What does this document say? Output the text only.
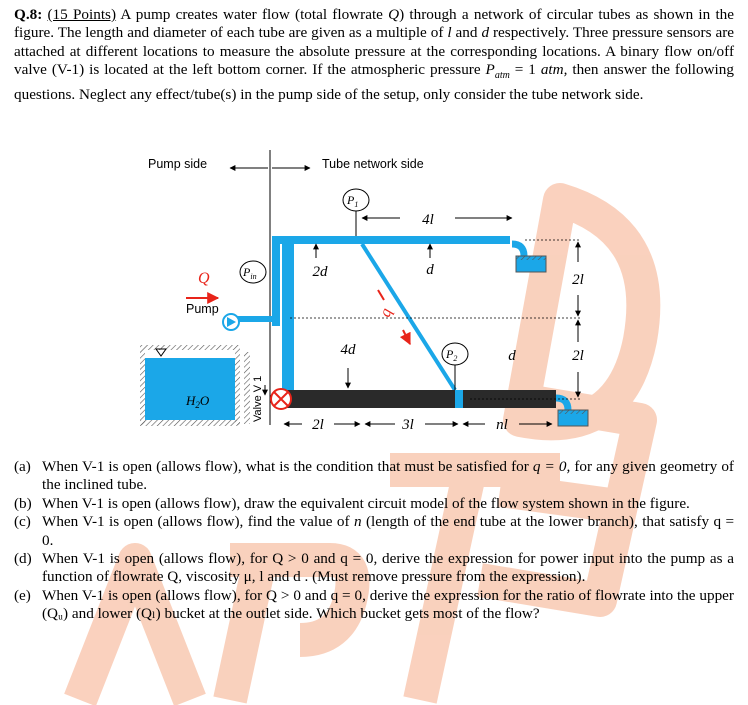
Q.8: (15 Points) A pump creates water flow (total flowrate Q) through a network of circular tubes as shown in the figure. The length and diameter of each tube are given as a multiple of l and d respectively. Three pressure sensors are attached at different locations to measure the absolute pressure at the corresponding locations. A binary flow on/off valve (V-1) is located at the left bottom corner. If the atmospheric pressure $P_{atm} = 1$ atm, then answer the following questions. Neglect any effect/tube(s) in the pump side of the setup, only consider the tube network side.
Pump side	Tube network side
$H_2O$	Valve V 1
Pump
Q	$P_{in}$
$P_1$
$P_2$
4l
2d	d
4d
q
d
2l
2l
2l	3l	nl
(a) When V-1 is open (allows flow), what is the condition that must be satisfied for q = 0, for any given geometry of the inclined tube.
(b) When V-1 is open (allows flow), draw the equivalent circuit model of the flow system shown in the figure.
(c) When V-1 is open (allows flow), find the value of n (length of the end tube at the lower branch), that satisfy q = 0.
(d) When V-1 is open (allows flow), for Q > 0 and q = 0, derive the expression for power input into the pump as a function of flowrate Q, viscosity μ, l and d . (Must remove pressure from the expression).
(e) When V-1 is open (allows flow), for Q > 0 and q = 0, derive the expression for the ratio of flowrate into the upper (Qᵤ) and lower (Qₗ) bucket at the outlet side. Which bucket gets most of the flow?
